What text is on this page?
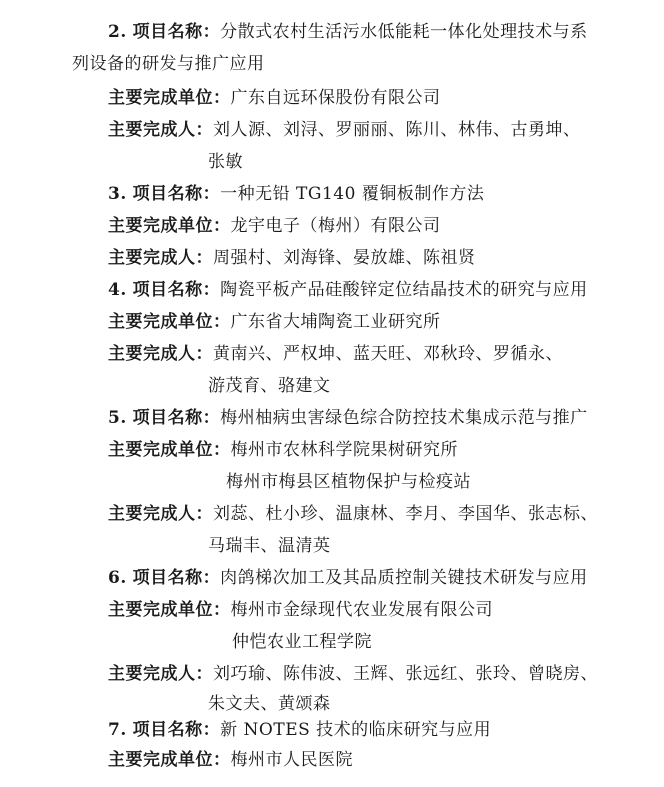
2. 项目名称：分散式农村生活污水低能耗一体化处理技术与系
列设备的研发与推广应用
主要完成单位：广东自远环保股份有限公司
主要完成人：刘人源、刘浔、罗丽丽、陈川、林伟、古勇坤、
张敏
3. 项目名称：一种无铅 TG140 覆铜板制作方法
主要完成单位：龙宇电子（梅州）有限公司
主要完成人：周强村、刘海锋、晏放雄、陈祖贤
4. 项目名称：陶瓷平板产品硅酸锌定位结晶技术的研究与应用
主要完成单位：广东省大埔陶瓷工业研究所
主要完成人：黄南兴、严权坤、蓝天旺、邓秋玲、罗循永、
游茂育、骆建文
5. 项目名称：梅州柚病虫害绿色综合防控技术集成示范与推广
主要完成单位：梅州市农林科学院果树研究所
梅州市梅县区植物保护与检疫站
主要完成人：刘蕊、杜小珍、温康林、李月、李国华、张志标、
马瑞丰、温清英
6. 项目名称：肉鸽梯次加工及其品质控制关键技术研发与应用
主要完成单位：梅州市金绿现代农业发展有限公司
仲恺农业工程学院
主要完成人：刘巧瑜、陈伟波、王辉、张远红、张玲、曾晓房、
朱文夫、黄颂森
7. 项目名称：新 NOTES 技术的临床研究与应用
主要完成单位：梅州市人民医院
